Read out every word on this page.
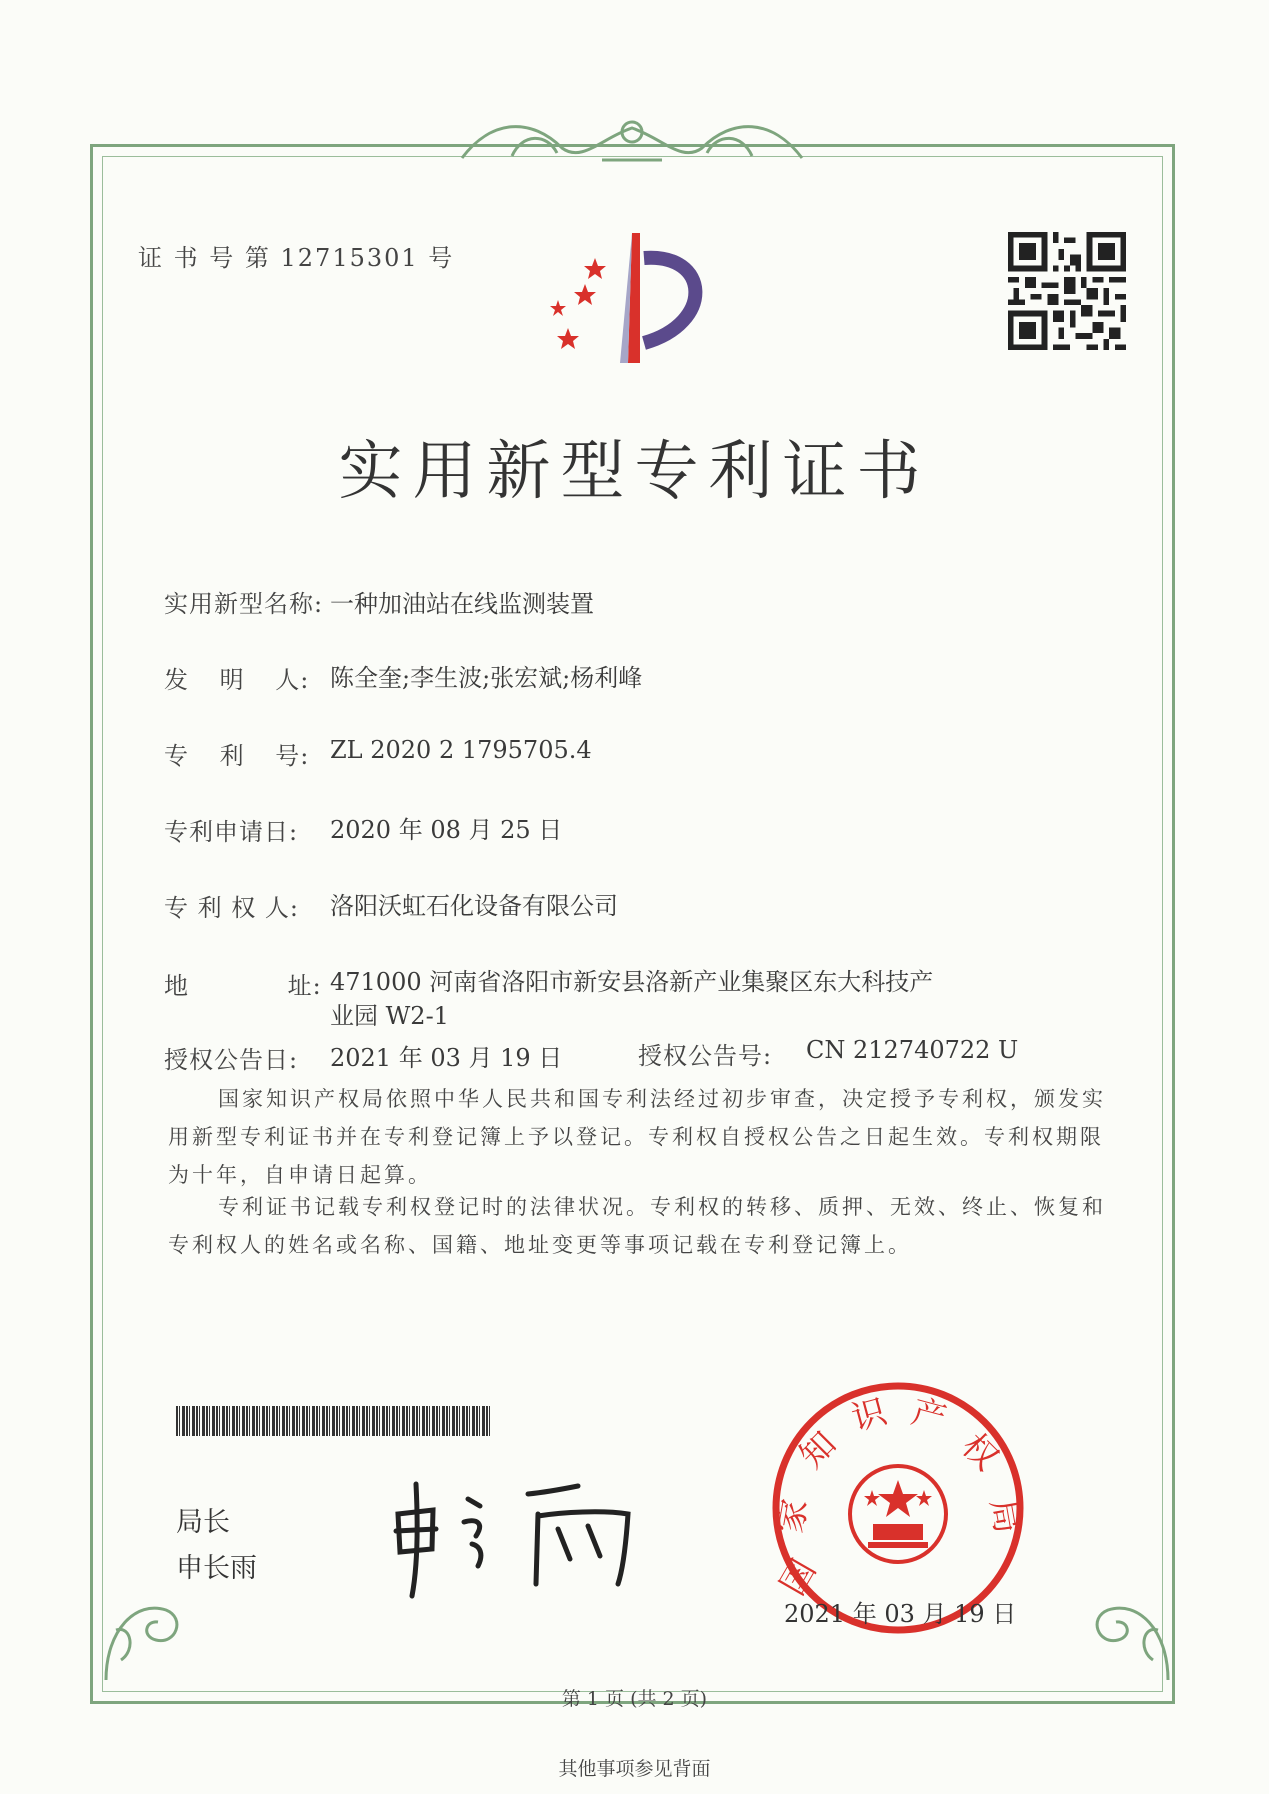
证 书 号 第 12715301 号
实用新型专利证书
实用新型名称: 一种加油站在线监测装置
发 明 人: 陈全奎;李生波;张宏斌;杨利峰
专 利 号: ZL 2020 2 1795705.4
专利申请日: 2020 年 08 月 25 日
专 利 权 人: 洛阳沃虹石化设备有限公司
地 址: 471000 河南省洛阳市新安县洛新产业集聚区东大科技产
业园 W2-1
授权公告日: 2021 年 03 月 19 日	授权公告号: CN 212740722 U
国家知识产权局依照中华人民共和国专利法经过初步审查，决定授予专利权，颁发实用新型专利证书并在专利登记簿上予以登记。专利权自授权公告之日起生效。专利权期限为十年，自申请日起算。
专利证书记载专利权登记时的法律状况。专利权的转移、质押、无效、终止、恢复和专利权人的姓名或名称、国籍、地址变更等事项记载在专利登记簿上。
局长
申长雨	国
家
知
识 产
权
局
2021 年 03 月 19 日
第 1 页 (共 2 页)
其他事项参见背面
